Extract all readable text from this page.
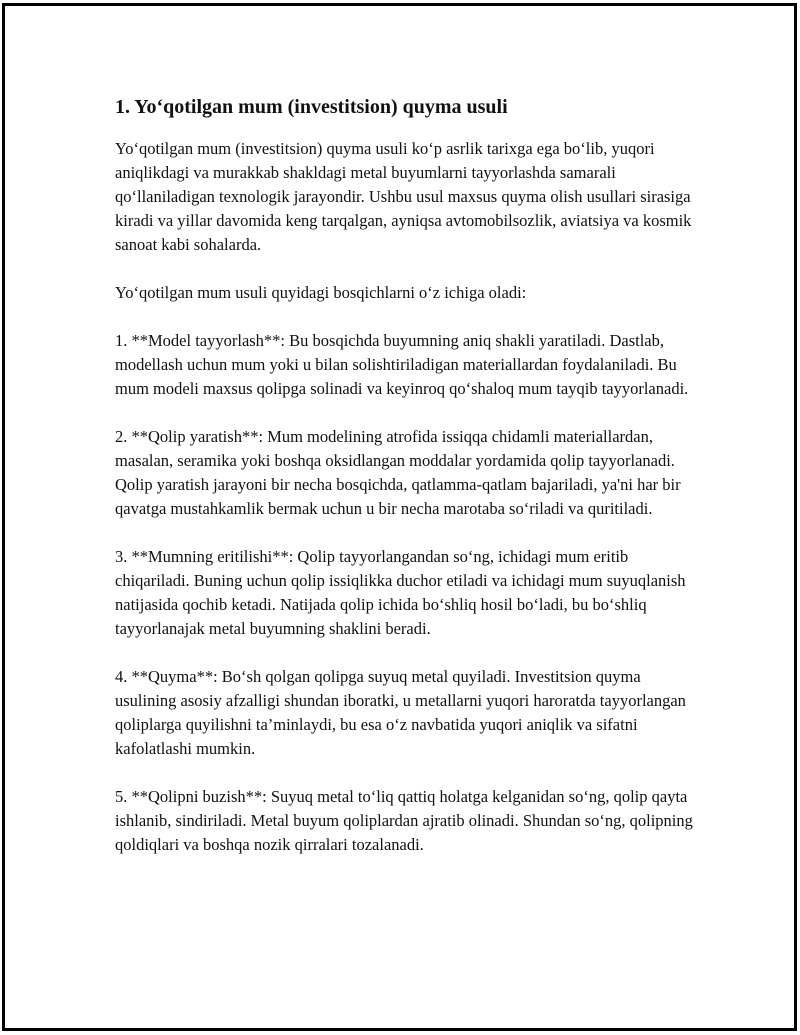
1. Yo‘qotilgan mum (investitsion) quyma usuli

Yo‘qotilgan mum (investitsion) quyma usuli ko‘p asrlik tarixga ega bo‘lib, yuqori aniqlikdagi va murakkab shakldagi metal buyumlarni tayyorlashda samarali qo‘llaniladigan texnologik jarayondir. Ushbu usul maxsus quyma olish usullari sirasiga kiradi va yillar davomida keng tarqalgan, ayniqsa avtomobilsozlik, aviatsiya va kosmik sanoat kabi sohalarda.

Yo‘qotilgan mum usuli quyidagi bosqichlarni o‘z ichiga oladi:

1. **Model tayyorlash**: Bu bosqichda buyumning aniq shakli yaratiladi. Dastlab, modellash uchun mum yoki u bilan solishtiriladigan materiallardan foydalaniladi. Bu mum modeli maxsus qolipga solinadi va keyinroq qo‘shaloq mum tayqib tayyorlanadi.

2. **Qolip yaratish**: Mum modelining atrofida issiqqa chidamli materiallardan, masalan, seramika yoki boshqa oksidlangan moddalar yordamida qolip tayyorlanadi. Qolip yaratish jarayoni bir necha bosqichda, qatlamma-qatlam bajariladi, ya'ni har bir qavatga mustahkamlik bermak uchun u bir necha marotaba so‘riladi va quritiladi.

3. **Mumning eritilishi**: Qolip tayyorlangandan so‘ng, ichidagi mum eritib chiqariladi. Buning uchun qolip issiqlikka duchor etiladi va ichidagi mum suyuqlanish natijasida qochib ketadi. Natijada qolip ichida bo‘shliq hosil bo‘ladi, bu bo‘shliq tayyorlanajak metal buyumning shaklini beradi.

4. **Quyma**: Bo‘sh qolgan qolipga suyuq metal quyiladi. Investitsion quyma usulining asosiy afzalligi shundan iboratki, u metallarni yuqori haroratda tayyorlangan qoliplarga quyilishni ta’minlaydi, bu esa o‘z navbatida yuqori aniqlik va sifatni kafolatlashi mumkin.

5. **Qolipni buzish**: Suyuq metal to‘liq qattiq holatga kelganidan so‘ng, qolip qayta ishlanib, sindiriladi. Metal buyum qoliplardan ajratib olinadi. Shundan so‘ng, qolipning qoldiqlari va boshqa nozik qirralari tozalanadi.
